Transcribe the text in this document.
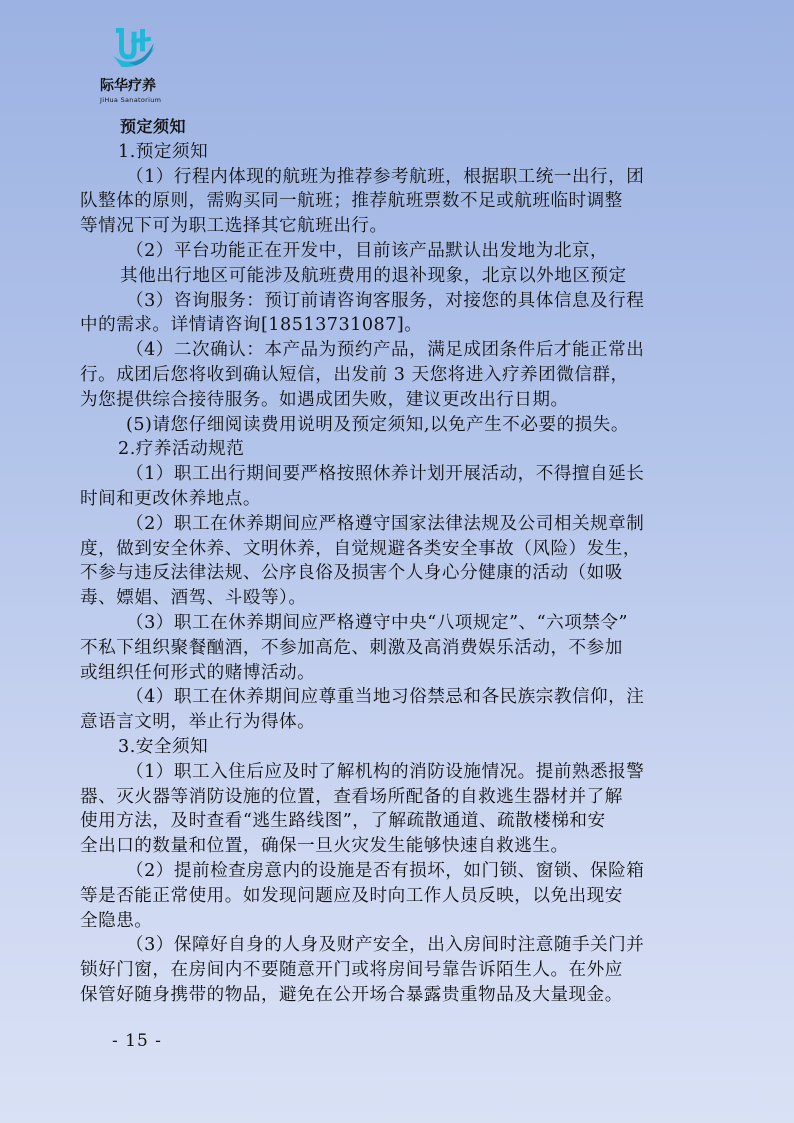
际华疗养
JiHua Sanatorium
预定须知
1.预定须知
（1）行程内体现的航班为推荐参考航班，根据职工统一出行，团
队整体的原则，需购买同一航班；推荐航班票数不足或航班临时调整
等情况下可为职工选择其它航班出行。
（2）平台功能正在开发中，目前该产品默认出发地为北京，
其他出行地区可能涉及航班费用的退补现象，北京以外地区预定
（3）咨询服务：预订前请咨询客服务，对接您的具体信息及行程
中的需求。详情请咨询[18513731087]。
（4）二次确认：本产品为预约产品，满足成团条件后才能正常出
行。成团后您将收到确认短信，出发前 3 天您将进入疗养团微信群，
为您提供综合接待服务。如遇成团失败，建议更改出行日期。
(5)请您仔细阅读费用说明及预定须知,以免产生不必要的损失。
2.疗养活动规范
（1）职工出行期间要严格按照休养计划开展活动，不得擅自延长
时间和更改休养地点。
（2）职工在休养期间应严格遵守国家法律法规及公司相关规章制
度，做到安全休养、文明休养，自觉规避各类安全事故（风险）发生，
不参与违反法律法规、公序良俗及损害个人身心分健康的活动（如吸
毒、嫖娼、酒驾、斗殴等）。
（3）职工在休养期间应严格遵守中央“八项规定”、“六项禁令”
不私下组织聚餐酗酒，不参加高危、刺激及高消费娱乐活动，不参加
或组织任何形式的赌博活动。
（4）职工在休养期间应尊重当地习俗禁忌和各民族宗教信仰，注
意语言文明，举止行为得体。
3.安全须知
（1）职工入住后应及时了解机构的消防设施情况。提前熟悉报警
器、灭火器等消防设施的位置，查看场所配备的自救逃生器材并了解
使用方法，及时查看“逃生路线图”，了解疏散通道、疏散楼梯和安
全出口的数量和位置，确保一旦火灾发生能够快速自救逃生。
（2）提前检查房意内的设施是否有损坏，如门锁、窗锁、保险箱
等是否能正常使用。如发现问题应及时向工作人员反映，以免出现安
全隐患。
（3）保障好自身的人身及财产安全，出入房间时注意随手关门并
锁好门窗，在房间内不要随意开门或将房间号靠告诉陌生人。在外应
保管好随身携带的物品，避免在公开场合暴露贵重物品及大量现金。
- 15 -
